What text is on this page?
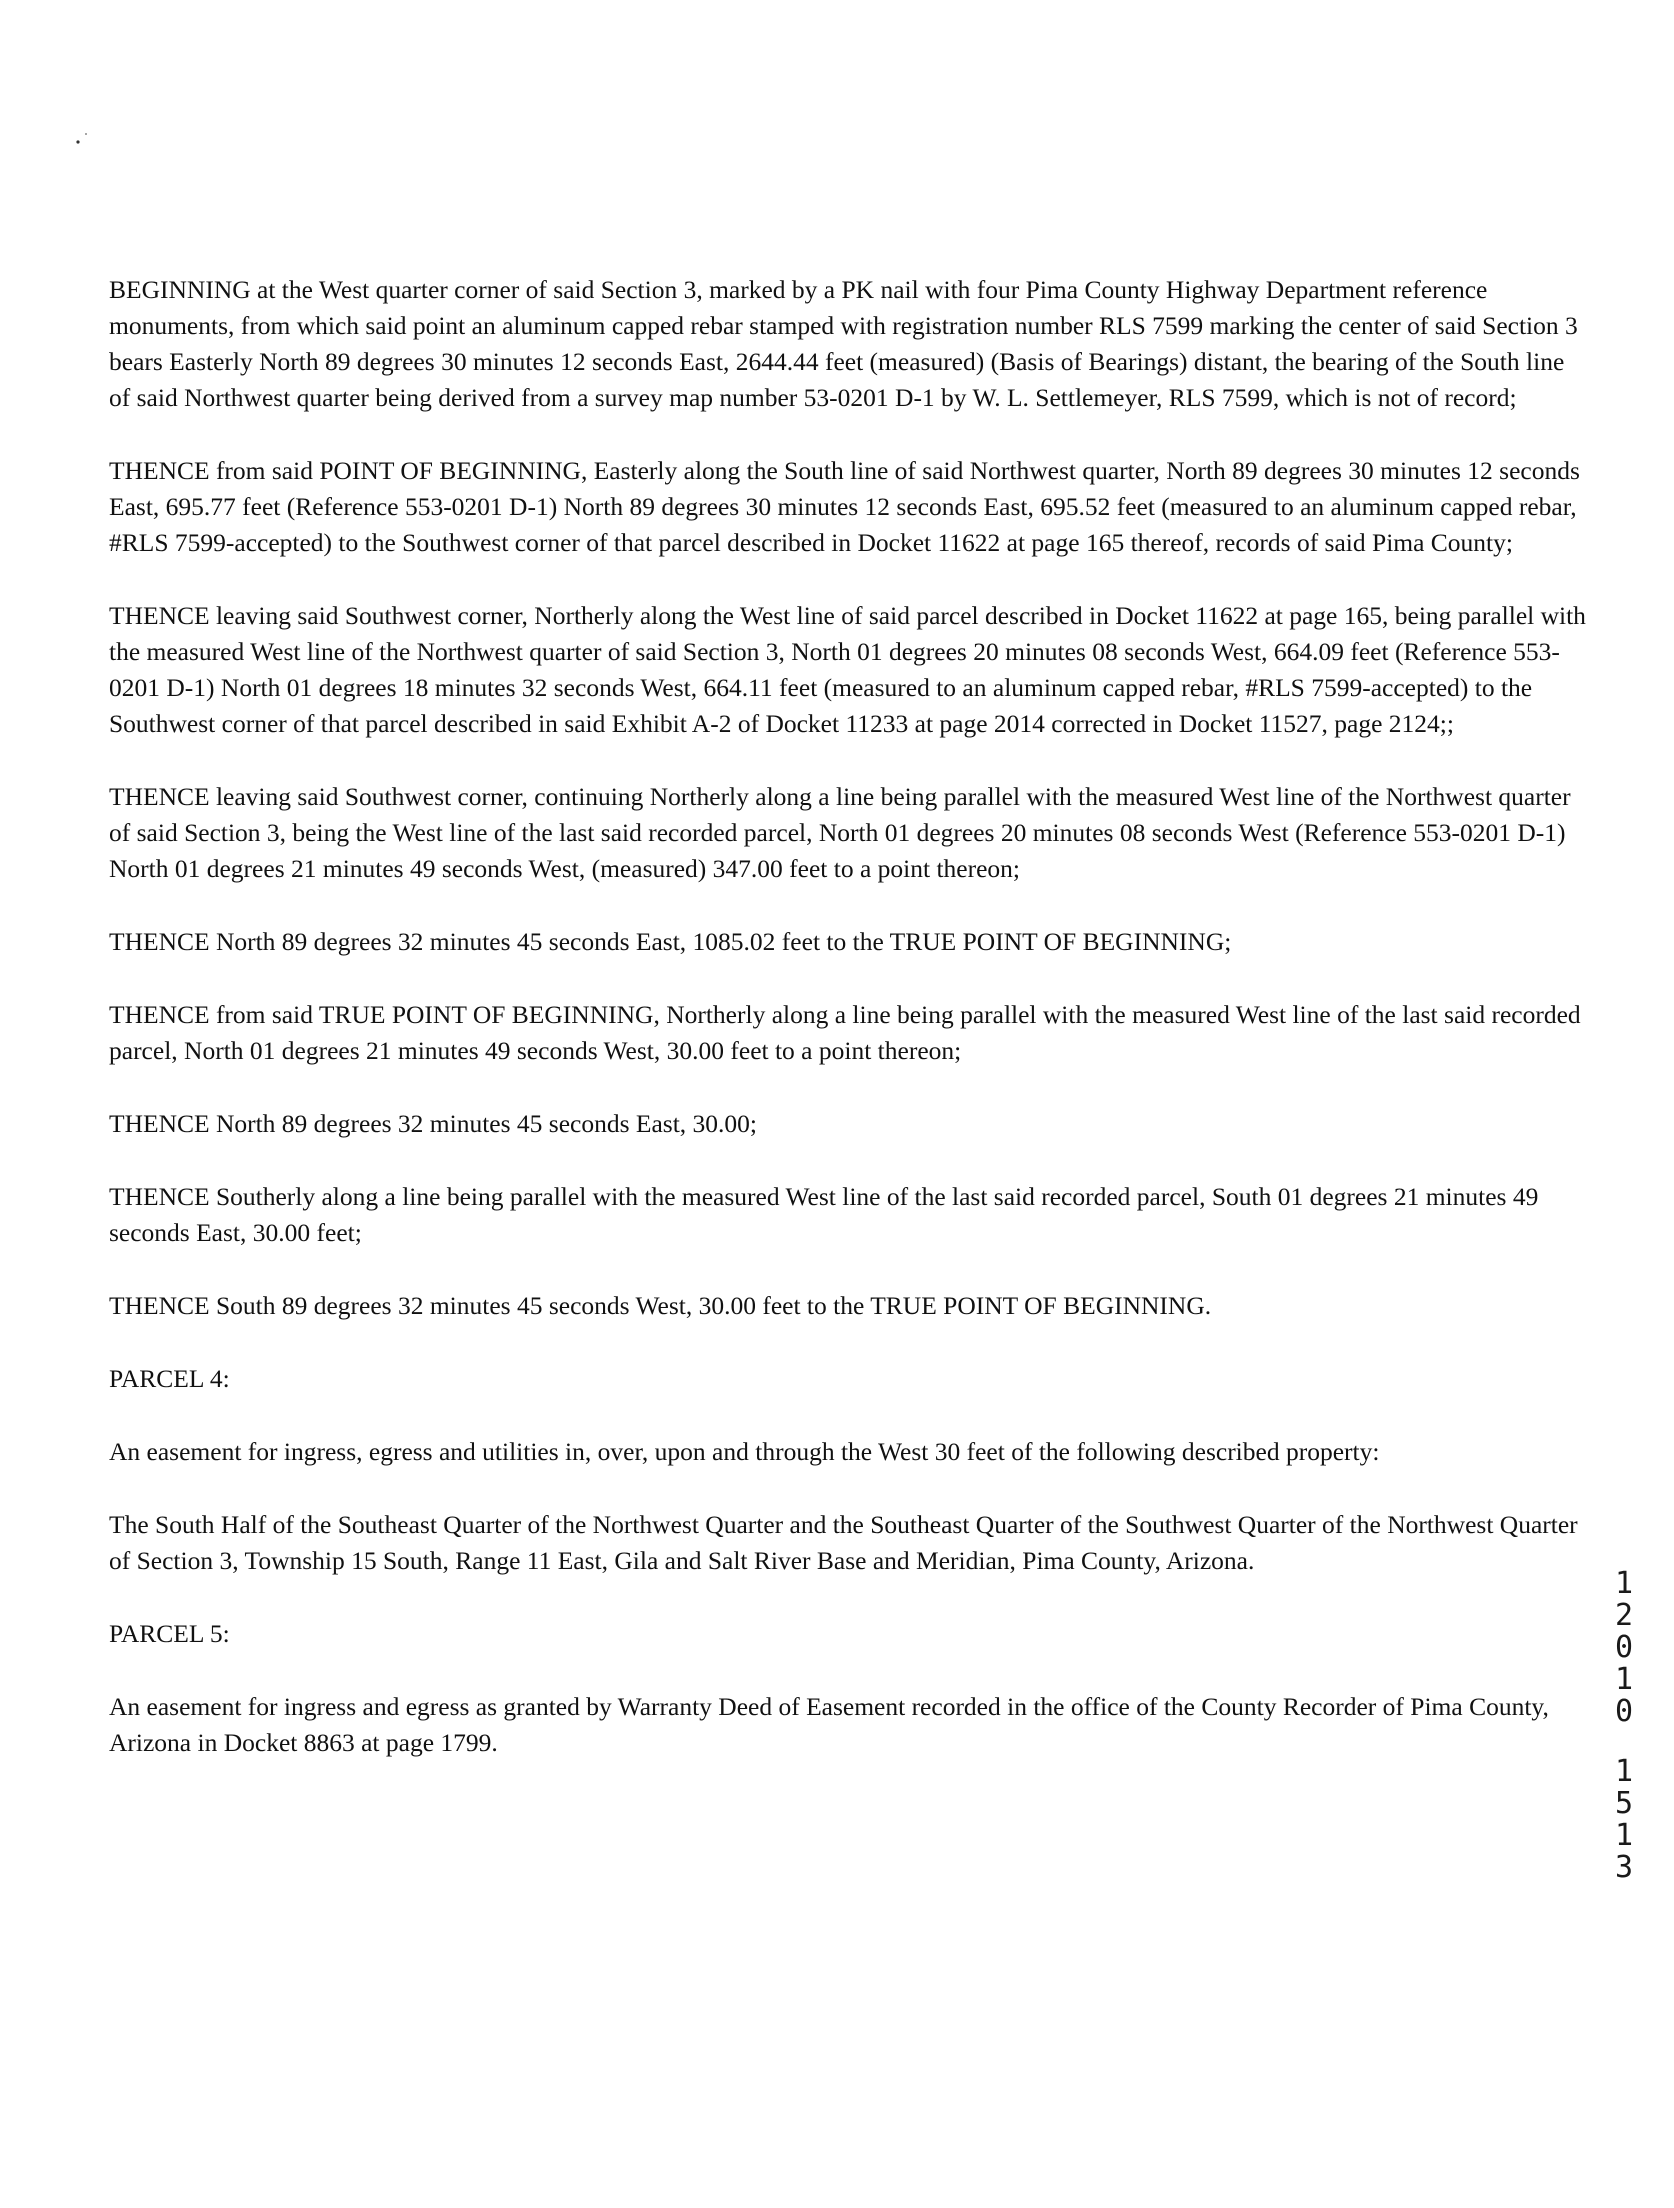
BEGINNING at the West quarter corner of said Section 3, marked by a PK nail with four Pima County Highway Department reference monuments, from which said point an aluminum capped rebar stamped with registration number RLS 7599 marking the center of said Section 3 bears Easterly North 89 degrees 30 minutes 12 seconds East, 2644.44 feet (measured) (Basis of Bearings) distant, the bearing of the South line of said Northwest quarter being derived from a survey map number 53-0201 D-1 by W. L. Settlemeyer, RLS 7599, which is not of record;

THENCE from said POINT OF BEGINNING, Easterly along the South line of said Northwest quarter, North 89 degrees 30 minutes 12 seconds East, 695.77 feet (Reference 553-0201 D-1) North 89 degrees 30 minutes 12 seconds East, 695.52 feet (measured to an aluminum capped rebar, #RLS 7599-accepted) to the Southwest corner of that parcel described in Docket 11622 at page 165 thereof, records of said Pima County;

THENCE leaving said Southwest corner, Northerly along the West line of said parcel described in Docket 11622 at page 165, being parallel with the measured West line of the Northwest quarter of said Section 3, North 01 degrees 20 minutes 08 seconds West, 664.09 feet (Reference 553-0201 D-1) North 01 degrees 18 minutes 32 seconds West, 664.11 feet (measured to an aluminum capped rebar, #RLS 7599-accepted) to the Southwest corner of that parcel described in said Exhibit A-2 of Docket 11233 at page 2014 corrected in Docket 11527, page 2124;;

THENCE leaving said Southwest corner, continuing Northerly along a line being parallel with the measured West line of the Northwest quarter of said Section 3, being the West line of the last said recorded parcel, North 01 degrees 20 minutes 08 seconds West (Reference 553-0201 D-1) North 01 degrees 21 minutes 49 seconds West, (measured) 347.00 feet to a point thereon;

THENCE North 89 degrees 32 minutes 45 seconds East, 1085.02 feet to the TRUE POINT OF BEGINNING;

THENCE from said TRUE POINT OF BEGINNING, Northerly along a line being parallel with the measured West line of the last said recorded parcel, North 01 degrees 21 minutes 49 seconds West, 30.00 feet to a point thereon;

THENCE North 89 degrees 32 minutes 45 seconds East, 30.00;

THENCE Southerly along a line being parallel with the measured West line of the last said recorded parcel, South 01 degrees 21 minutes 49 seconds East, 30.00 feet;

THENCE South 89 degrees 32 minutes 45 seconds West, 30.00 feet to the TRUE POINT OF BEGINNING.

PARCEL 4:

An easement for ingress, egress and utilities in, over, upon and through the West 30 feet of the following described property:

The South Half of the Southeast Quarter of the Northwest Quarter and the Southeast Quarter of the Southwest Quarter of the Northwest Quarter of Section 3, Township 15 South, Range 11 East, Gila and Salt River Base and Meridian, Pima County, Arizona.

PARCEL 5:

An easement for ingress and egress as granted by Warranty Deed of Easement recorded in the office of the County Recorder of Pima County, Arizona in Docket 8863 at page 1799.

1
2
0
1
0
1
5
1
3
